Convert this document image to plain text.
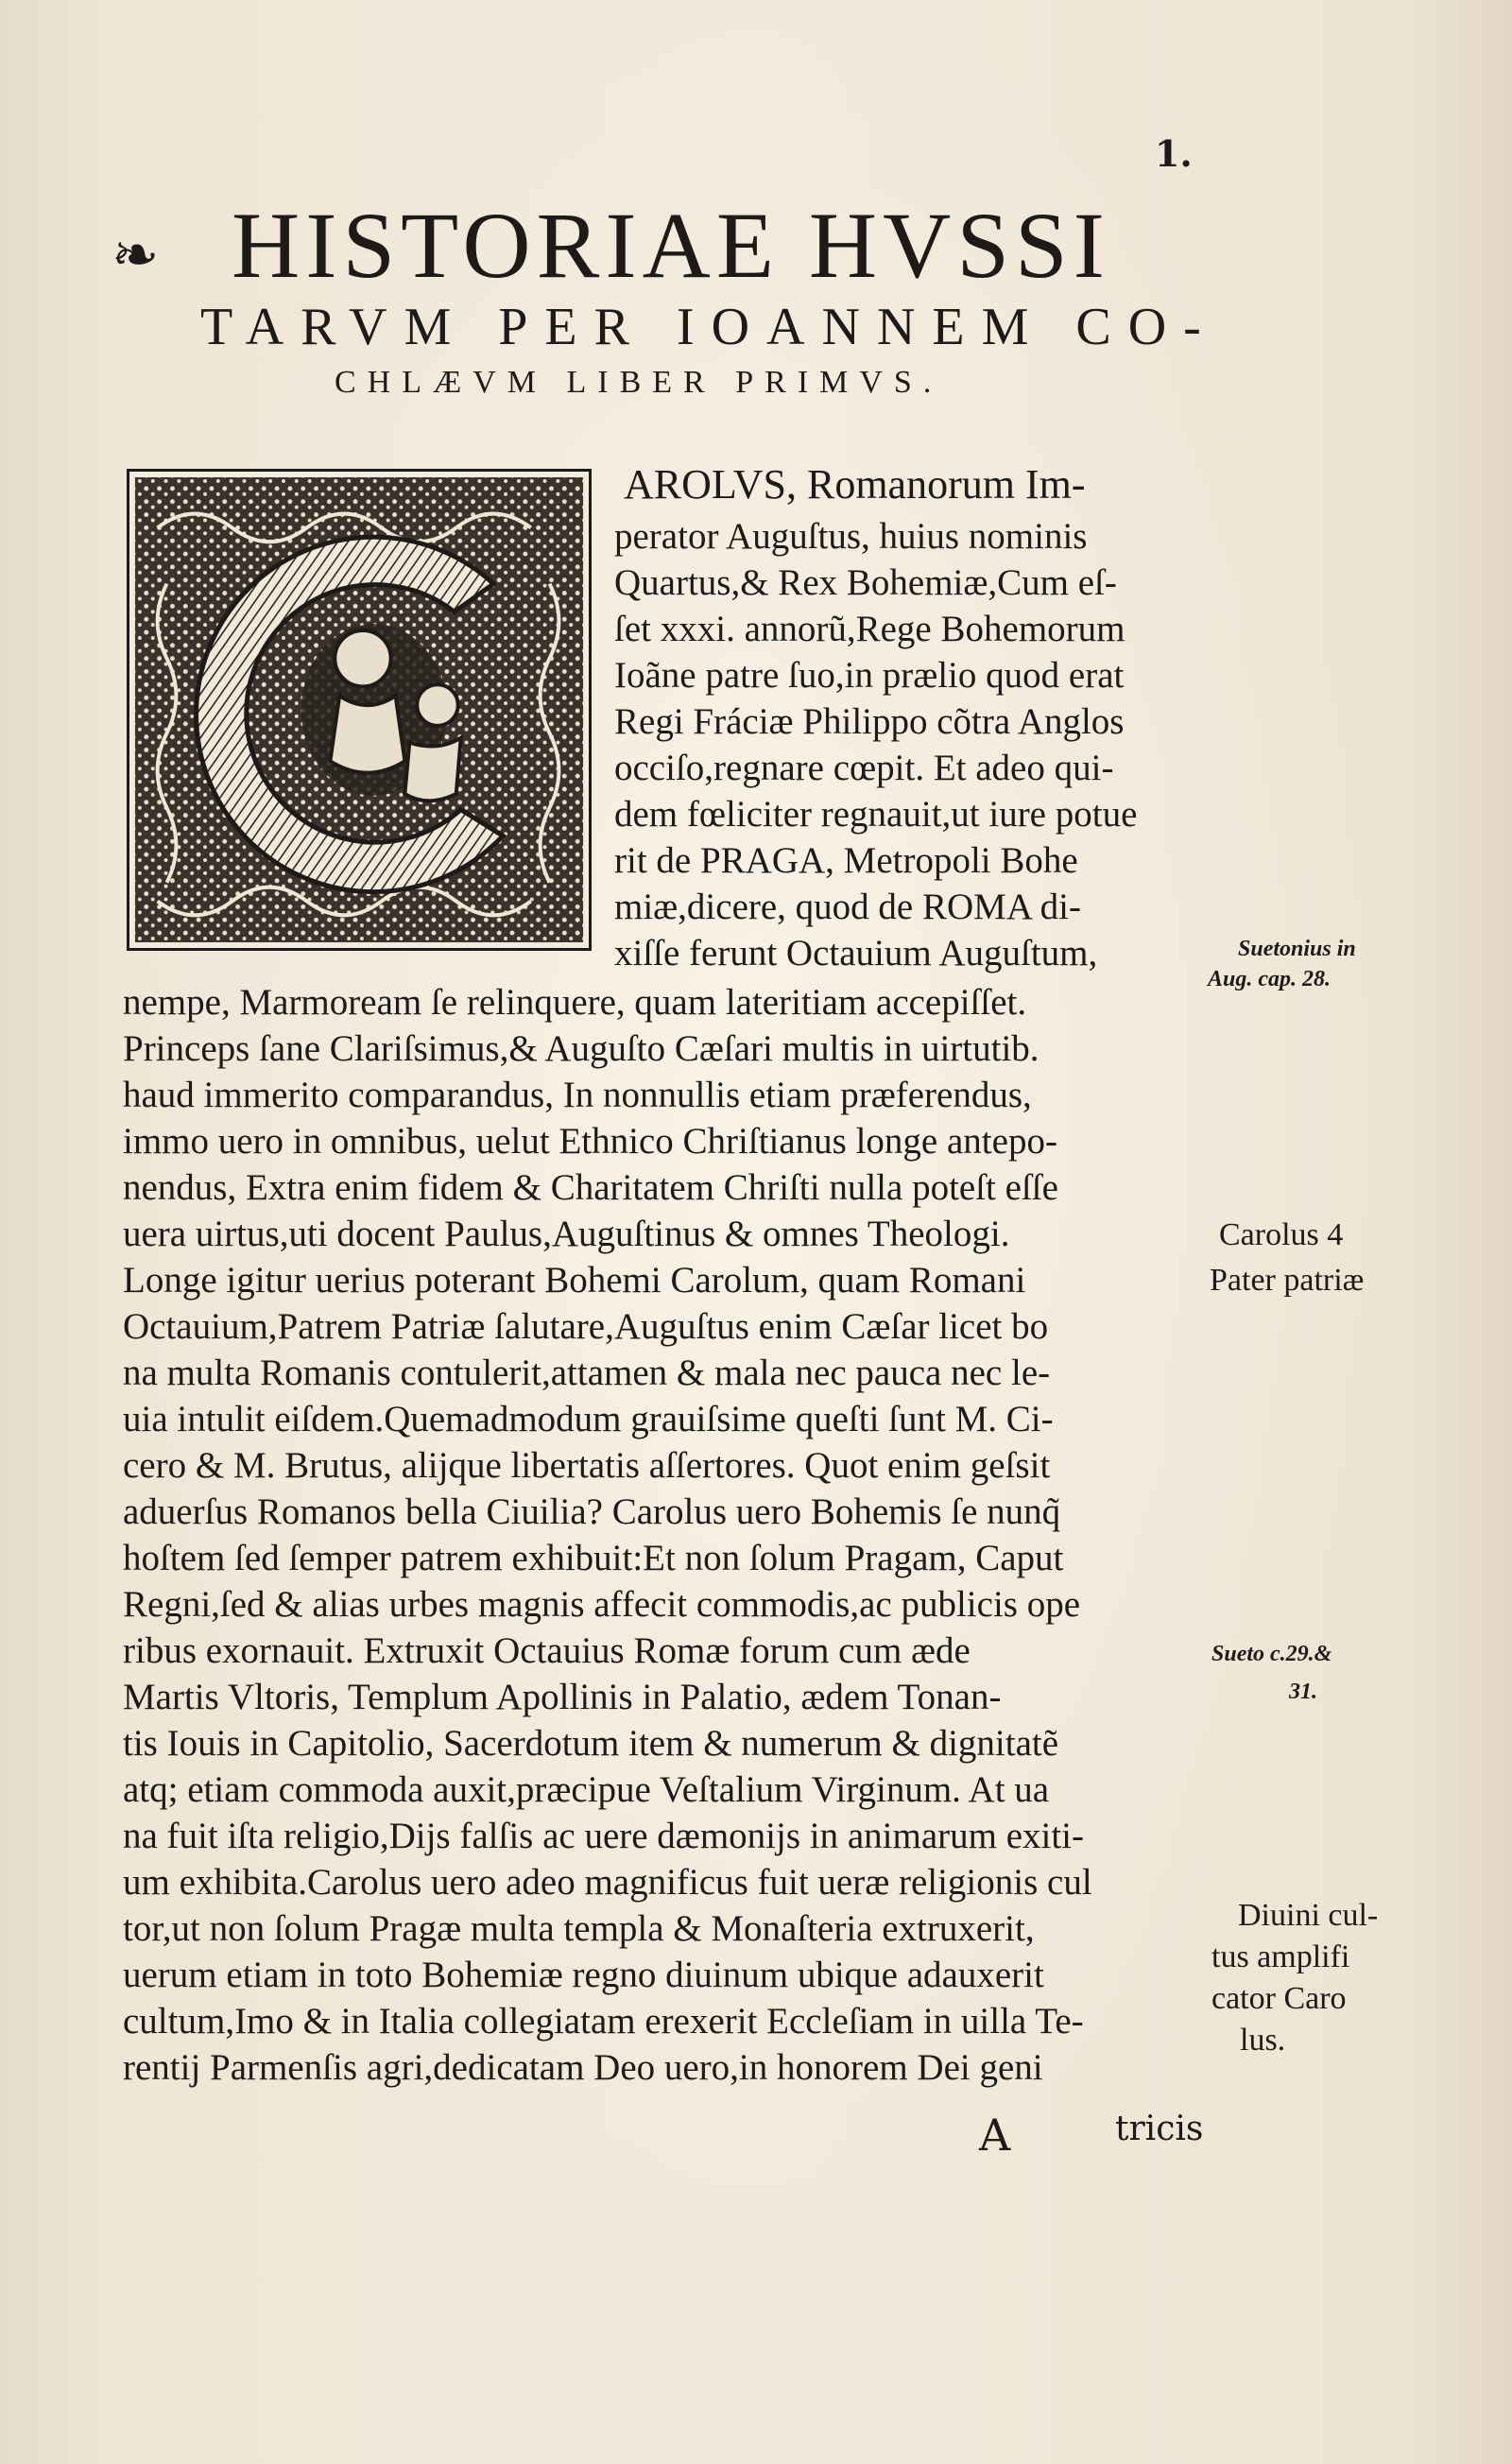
1.
❧ HISTORIAE HVSSI
TARVM PER IOANNEM CO-
CHLÆVM LIBER PRIMVS.
AROLVS, Romanorum Im-
perator Auguſtus, huius nominis
Quartus,& Rex Bohemiæ,Cum eſ-
ſet xxxi. annorũ,Rege Bohemorum
Ioãne patre ſuo,in prælio quod erat
Regi Fráciæ Philippo cõtra Anglos
occiſo,regnare cœpit. Et adeo qui-
dem fœliciter regnauit,ut iure potue
rit de PRAGA, Metropoli Bohe
miæ,dicere, quod de ROMA di-
xiſſe ferunt Octauium Auguſtum,
nempe, Marmoream ſe relinquere, quam lateritiam accepiſſet.
Princeps ſane Clariſsimus,& Auguſto Cæſari multis in uirtutib.
haud immerito comparandus, In nonnullis etiam præferendus,
immo uero in omnibus, uelut Ethnico Chriſtianus longe antepo-
nendus, Extra enim fidem & Charitatem Chriſti nulla poteſt eſſe
uera uirtus,uti docent Paulus,Auguſtinus & omnes Theologi.
Longe igitur uerius poterant Bohemi Carolum, quam Romani
Octauium,Patrem Patriæ ſalutare,Auguſtus enim Cæſar licet bo
na multa Romanis contulerit,attamen & mala nec pauca nec le-
uia intulit eiſdem.Quemadmodum grauiſsime queſti ſunt M. Ci-
cero & M. Brutus, alijque libertatis aſſertores. Quot enim geſsit
aduerſus Romanos bella Ciuilia? Carolus uero Bohemis ſe nunq̃
hoſtem ſed ſemper patrem exhibuit:Et non ſolum Pragam, Caput
Regni,ſed & alias urbes magnis affecit commodis,ac publicis ope
ribus exornauit. Extruxit Octauius Romæ forum cum æde
Martis Vltoris, Templum Apollinis in Palatio, ædem Tonan-
tis Iouis in Capitolio, Sacerdotum item & numerum & dignitatẽ
atq; etiam commoda auxit,præcipue Veſtalium Virginum. At ua
na fuit iſta religio,Dijs falſis ac uere dæmonijs in animarum exiti-
um exhibita.Carolus uero adeo magnificus fuit ueræ religionis cul
tor,ut non ſolum Pragæ multa templa & Monaſteria extruxerit,
uerum etiam in toto Bohemiæ regno diuinum ubique adauxerit
cultum,Imo & in Italia collegiatam erexerit Eccleſiam in uilla Te-
rentij Parmenſis agri,dedicatam Deo uero,in honorem Dei geni
Suetonius in
Aug. cap. 28.
Carolus 4
Pater patriæ
Sueto c.29.&
31.
Diuini cul-
tus amplifi
cator Caro
lus.
A	tricis
